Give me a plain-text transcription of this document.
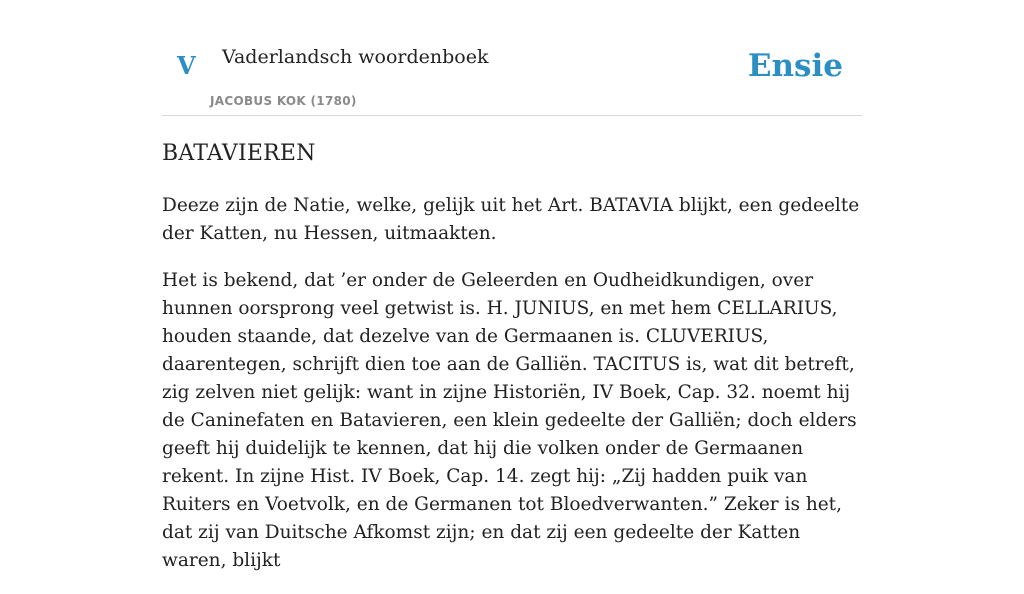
V Vaderlandsch woordenboek
JACOBUS KOK (1780)
Ensie
BATAVIEREN

Deeze zijn de Natie, welke, gelijk uit het Art. BATAVIA blijkt, een gedeelte der Katten, nu Hessen, uitmaakten.

Het is bekend, dat ’er onder de Geleerden en Oudheidkundigen, over hunnen oorsprong veel getwist is. H. JUNIUS, en met hem CELLARIUS, houden staande, dat dezelve van de Germaanen is. CLUVERIUS, daarentegen, schrijft dien toe aan de Galliën. TACITUS is, wat dit betreft, zig zelven niet gelijk: want in zijne Historiën, IV Boek, Cap. 32. noemt hij de Caninefaten en Batavieren, een klein gedeelte der Galliën; doch elders geeft hij duidelijk te kennen, dat hij die volken onder de Germaanen rekent. In zijne Hist. IV Boek, Cap. 14. zegt hij: „Zij hadden puik van Ruiters en Voetvolk, en de Germanen tot Bloedverwanten.” Zeker is het, dat zij van Duitsche Afkomst zijn; en dat zij een gedeelte der Katten waren, blijkt
